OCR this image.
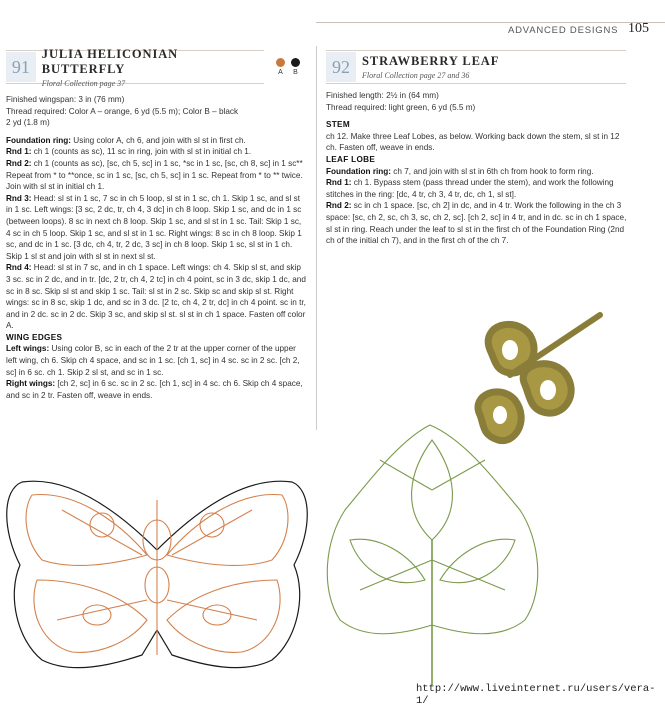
ADVANCED DESIGNS 105
91
JULIA HELICONIAN BUTTERFLY
Floral Collection page 37
A B

Finished wingspan: 3 in (76 mm)

Thread required: Color A – orange, 6 yd (5.5 m); Color B – black

2 yd (1.8 m)

Foundation ring: Using color A, ch 6, and join with sl st in first ch.

Rnd 1: ch 1 (counts as sc), 11 sc in ring, join with sl st in initial ch 1.

Rnd 2: ch 1 (counts as sc), [sc, ch 5, sc] in 1 sc, *sc in 1 sc, [sc, ch 8, sc] in 1 sc** Repeat from * to **once, sc in 1 sc, [sc, ch 5, sc] in 1 sc. Repeat from * to ** twice. Join with sl st in initial ch 1.

Rnd 3: Head: sl st in 1 sc, 7 sc in ch 5 loop, sl st in 1 sc, ch 1. Skip 1 sc, and sl st in 1 sc. Left wings: [3 sc, 2 dc, tr, ch 4, 3 dc] in ch 8 loop. Skip 1 sc, and dc in 1 sc (between loops). 8 sc in next ch 8 loop. Skip 1 sc, and sl st in 1 sc. Tail: Skip 1 sc, 4 sc in ch 5 loop. Skip 1 sc, and sl st in 1 sc. Right wings: 8 sc in ch 8 loop. Skip 1 sc, and dc in 1 sc. [3 dc, ch 4, tr, 2 dc, 3 sc] in ch 8 loop. Skip 1 sc, sl st in 1 ch. Skip 1 sl st and join with sl st in next sl st.

Rnd 4: Head: sl st in 7 sc, and in ch 1 space. Left wings: ch 4. Skip sl st, and skip 3 sc. sc in 2 dc, and in tr. [dc, 2 tr, ch 4, 2 tc] in ch 4 point, sc in 3 dc, skip 1 dc, and sc in 8 sc. Skip sl st and skip 1 sc. Tail: sl st in 2 sc. Skip sc and skip sl st. Right wings: sc in 8 sc, skip 1 dc, and sc in 3 dc. [2 tc, ch 4, 2 tr, dc] in ch 4 point. sc in tr, and in 2 dc. sc in 2 dc. Skip 3 sc, and skip sl st. sl st in ch 1 space. Fasten off color A.

WING EDGES

Left wings: Using color B, sc in each of the 2 tr at the upper corner of the upper left wing, ch 6. Skip ch 4 space, and sc in 1 sc. [ch 1, sc] in 4 sc. sc in 2 sc. [ch 2, sc] in 6 sc. ch 1. Skip 2 sl st, and sc in 1 sc.

Right wings: [ch 2, sc] in 6 sc. sc in 2 sc. [ch 1, sc] in 4 sc. ch 6. Skip ch 4 space, and sc in 2 tr. Fasten off, weave in ends.

92 STRAWBERRY LEAF
Floral Collection page 27 and 36

Finished length: 2½ in (64 mm)

Thread required: light green, 6 yd (5.5 m)

STEM

ch 12. Make three Leaf Lobes, as below. Working back down the stem, sl st in 12 ch. Fasten off, weave in ends.

LEAF LOBE

Foundation ring: ch 7, and join with sl st in 6th ch from hook to form ring.

Rnd 1: ch 1. Bypass stem (pass thread under the stem), and work the following stitches in the ring: [dc, 4 tr, ch 3, 4 tr, dc, ch 1, sl st].

Rnd 2: sc in ch 1 space. [sc, ch 2] in dc, and in 4 tr. Work the following in the ch 3 space: [sc, ch 2, sc, ch 3, sc, ch 2, sc]. [ch 2, sc] in 4 tr, and in dc. sc in ch 1 space, sl st in ring. Reach under the leaf to sl st in the first ch of the Foundation Ring (2nd ch of the initial ch 7), and in the first ch of the ch 7.

http://www.liveinternet.ru/users/vera-1/
